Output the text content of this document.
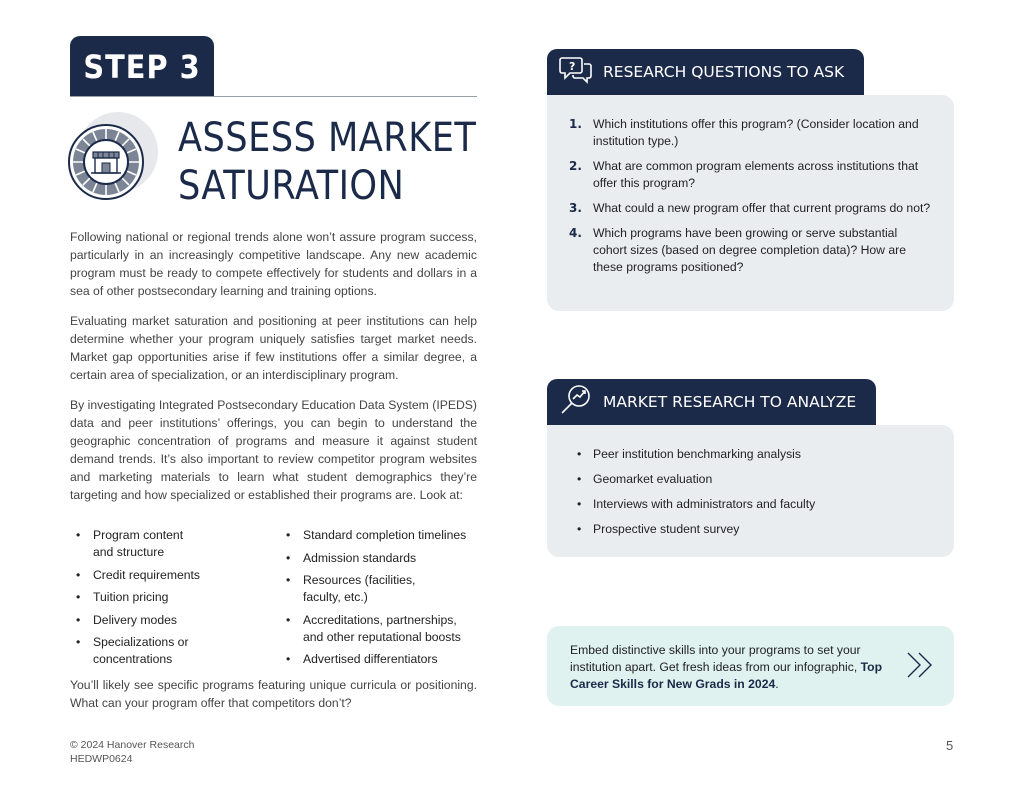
STEP 3
ASSESS MARKET
SATURATION
Following national or regional trends alone won’t assure program success, particularly in an increasingly competitive landscape. Any new academic program must be ready to compete effectively for students and dollars in a sea of other postsecondary learning and training options.
Evaluating market saturation and positioning at peer institutions can help determine whether your program uniquely satisfies target market needs. Market gap opportunities arise if few institutions offer a similar degree, a certain area of specialization, or an interdisciplinary program.
By investigating Integrated Postsecondary Education Data System (IPEDS) data and peer institutions’ offerings, you can begin to understand the geographic concentration of programs and measure it against student demand trends. It’s also important to review competitor program websites and marketing materials to learn what student demographics they’re targeting and how specialized or established their programs are. Look at:
• Program content and structure
• Credit requirements
• Tuition pricing
• Delivery modes
• Specializations or concentrations
• Standard completion timelines
• Admission standards
• Resources (facilities, faculty, etc.)
• Accreditations, partnerships, and other reputational boosts
• Advertised differentiators
You’ll likely see specific programs featuring unique curricula or positioning. What can your program offer that competitors don’t?
© 2024 Hanover Research
HEDWP0624
5
? RESEARCH QUESTIONS TO ASK
1. Which institutions offer this program? (Consider location and institution type.)
2. What are common program elements across institutions that offer this program?
3. What could a new program offer that current programs do not?
4. Which programs have been growing or serve substantial cohort sizes (based on degree completion data)? How are these programs positioned?
MARKET RESEARCH TO ANALYZE
• Peer institution benchmarking analysis
• Geomarket evaluation
• Interviews with administrators and faculty
• Prospective student survey
Embed distinctive skills into your programs to set your institution apart. Get fresh ideas from our infographic, Top Career Skills for New Grads in 2024.
